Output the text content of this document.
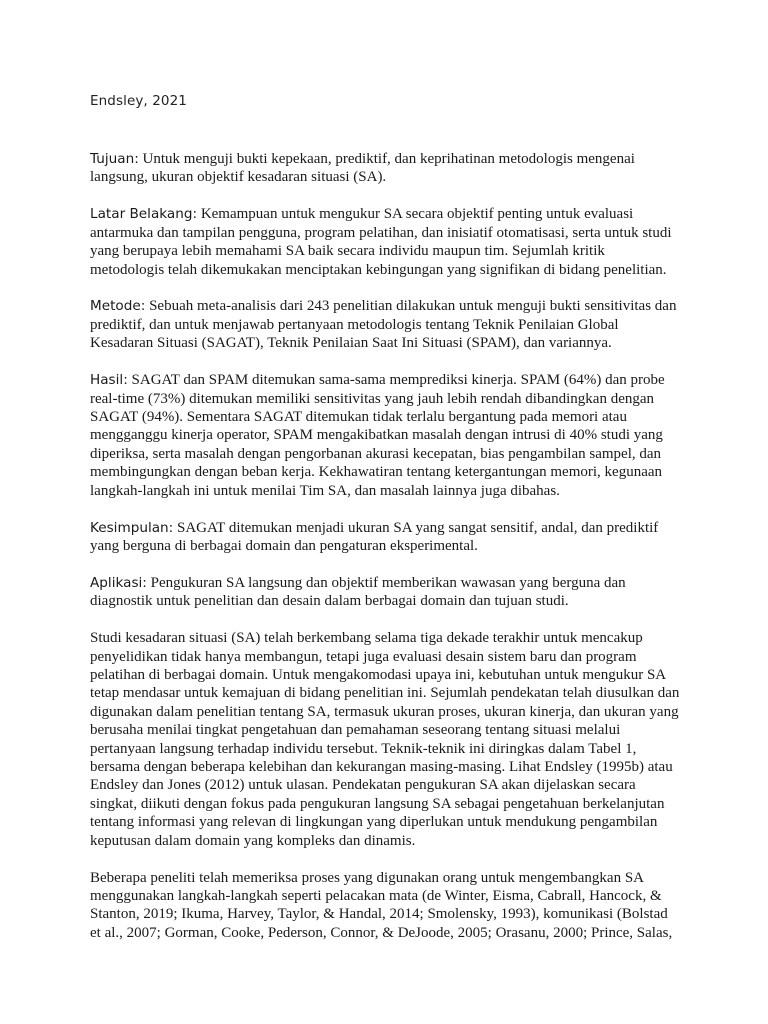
Endsley, 2021

Tujuan: Untuk menguji bukti kepekaan, prediktif, dan keprihatinan metodologis mengenai langsung, ukuran objektif kesadaran situasi (SA).

Latar Belakang: Kemampuan untuk mengukur SA secara objektif penting untuk evaluasi antarmuka dan tampilan pengguna, program pelatihan, dan inisiatif otomatisasi, serta untuk studi yang berupaya lebih memahami SA baik secara individu maupun tim. Sejumlah kritik metodologis telah dikemukakan menciptakan kebingungan yang signifikan di bidang penelitian.

Metode: Sebuah meta-analisis dari 243 penelitian dilakukan untuk menguji bukti sensitivitas dan prediktif, dan untuk menjawab pertanyaan metodologis tentang Teknik Penilaian Global Kesadaran Situasi (SAGAT), Teknik Penilaian Saat Ini Situasi (SPAM), dan variannya.

Hasil: SAGAT dan SPAM ditemukan sama-sama memprediksi kinerja. SPAM (64%) dan probe real-time (73%) ditemukan memiliki sensitivitas yang jauh lebih rendah dibandingkan dengan SAGAT (94%). Sementara SAGAT ditemukan tidak terlalu bergantung pada memori atau mengganggu kinerja operator, SPAM mengakibatkan masalah dengan intrusi di 40% studi yang diperiksa, serta masalah dengan pengorbanan akurasi kecepatan, bias pengambilan sampel, dan membingungkan dengan beban kerja. Kekhawatiran tentang ketergantungan memori, kegunaan langkah-langkah ini untuk menilai Tim SA, dan masalah lainnya juga dibahas.

Kesimpulan: SAGAT ditemukan menjadi ukuran SA yang sangat sensitif, andal, dan prediktif yang berguna di berbagai domain dan pengaturan eksperimental.

Aplikasi: Pengukuran SA langsung dan objektif memberikan wawasan yang berguna dan diagnostik untuk penelitian dan desain dalam berbagai domain dan tujuan studi.

Studi kesadaran situasi (SA) telah berkembang selama tiga dekade terakhir untuk mencakup penyelidikan tidak hanya membangun, tetapi juga evaluasi desain sistem baru dan program pelatihan di berbagai domain. Untuk mengakomodasi upaya ini, kebutuhan untuk mengukur SA tetap mendasar untuk kemajuan di bidang penelitian ini. Sejumlah pendekatan telah diusulkan dan digunakan dalam penelitian tentang SA, termasuk ukuran proses, ukuran kinerja, dan ukuran yang berusaha menilai tingkat pengetahuan dan pemahaman seseorang tentang situasi melalui pertanyaan langsung terhadap individu tersebut. Teknik-teknik ini diringkas dalam Tabel 1, bersama dengan beberapa kelebihan dan kekurangan masing-masing. Lihat Endsley (1995b) atau Endsley dan Jones (2012) untuk ulasan. Pendekatan pengukuran SA akan dijelaskan secara singkat, diikuti dengan fokus pada pengukuran langsung SA sebagai pengetahuan berkelanjutan tentang informasi yang relevan di lingkungan yang diperlukan untuk mendukung pengambilan keputusan dalam domain yang kompleks dan dinamis.

Beberapa peneliti telah memeriksa proses yang digunakan orang untuk mengembangkan SA menggunakan langkah-langkah seperti pelacakan mata (de Winter, Eisma, Cabrall, Hancock, & Stanton, 2019; Ikuma, Harvey, Taylor, & Handal, 2014; Smolensky, 1993), komunikasi (Bolstad et al., 2007; Gorman, Cooke, Pederson, Connor, & DeJoode, 2005; Orasanu, 2000; Prince, Salas,
